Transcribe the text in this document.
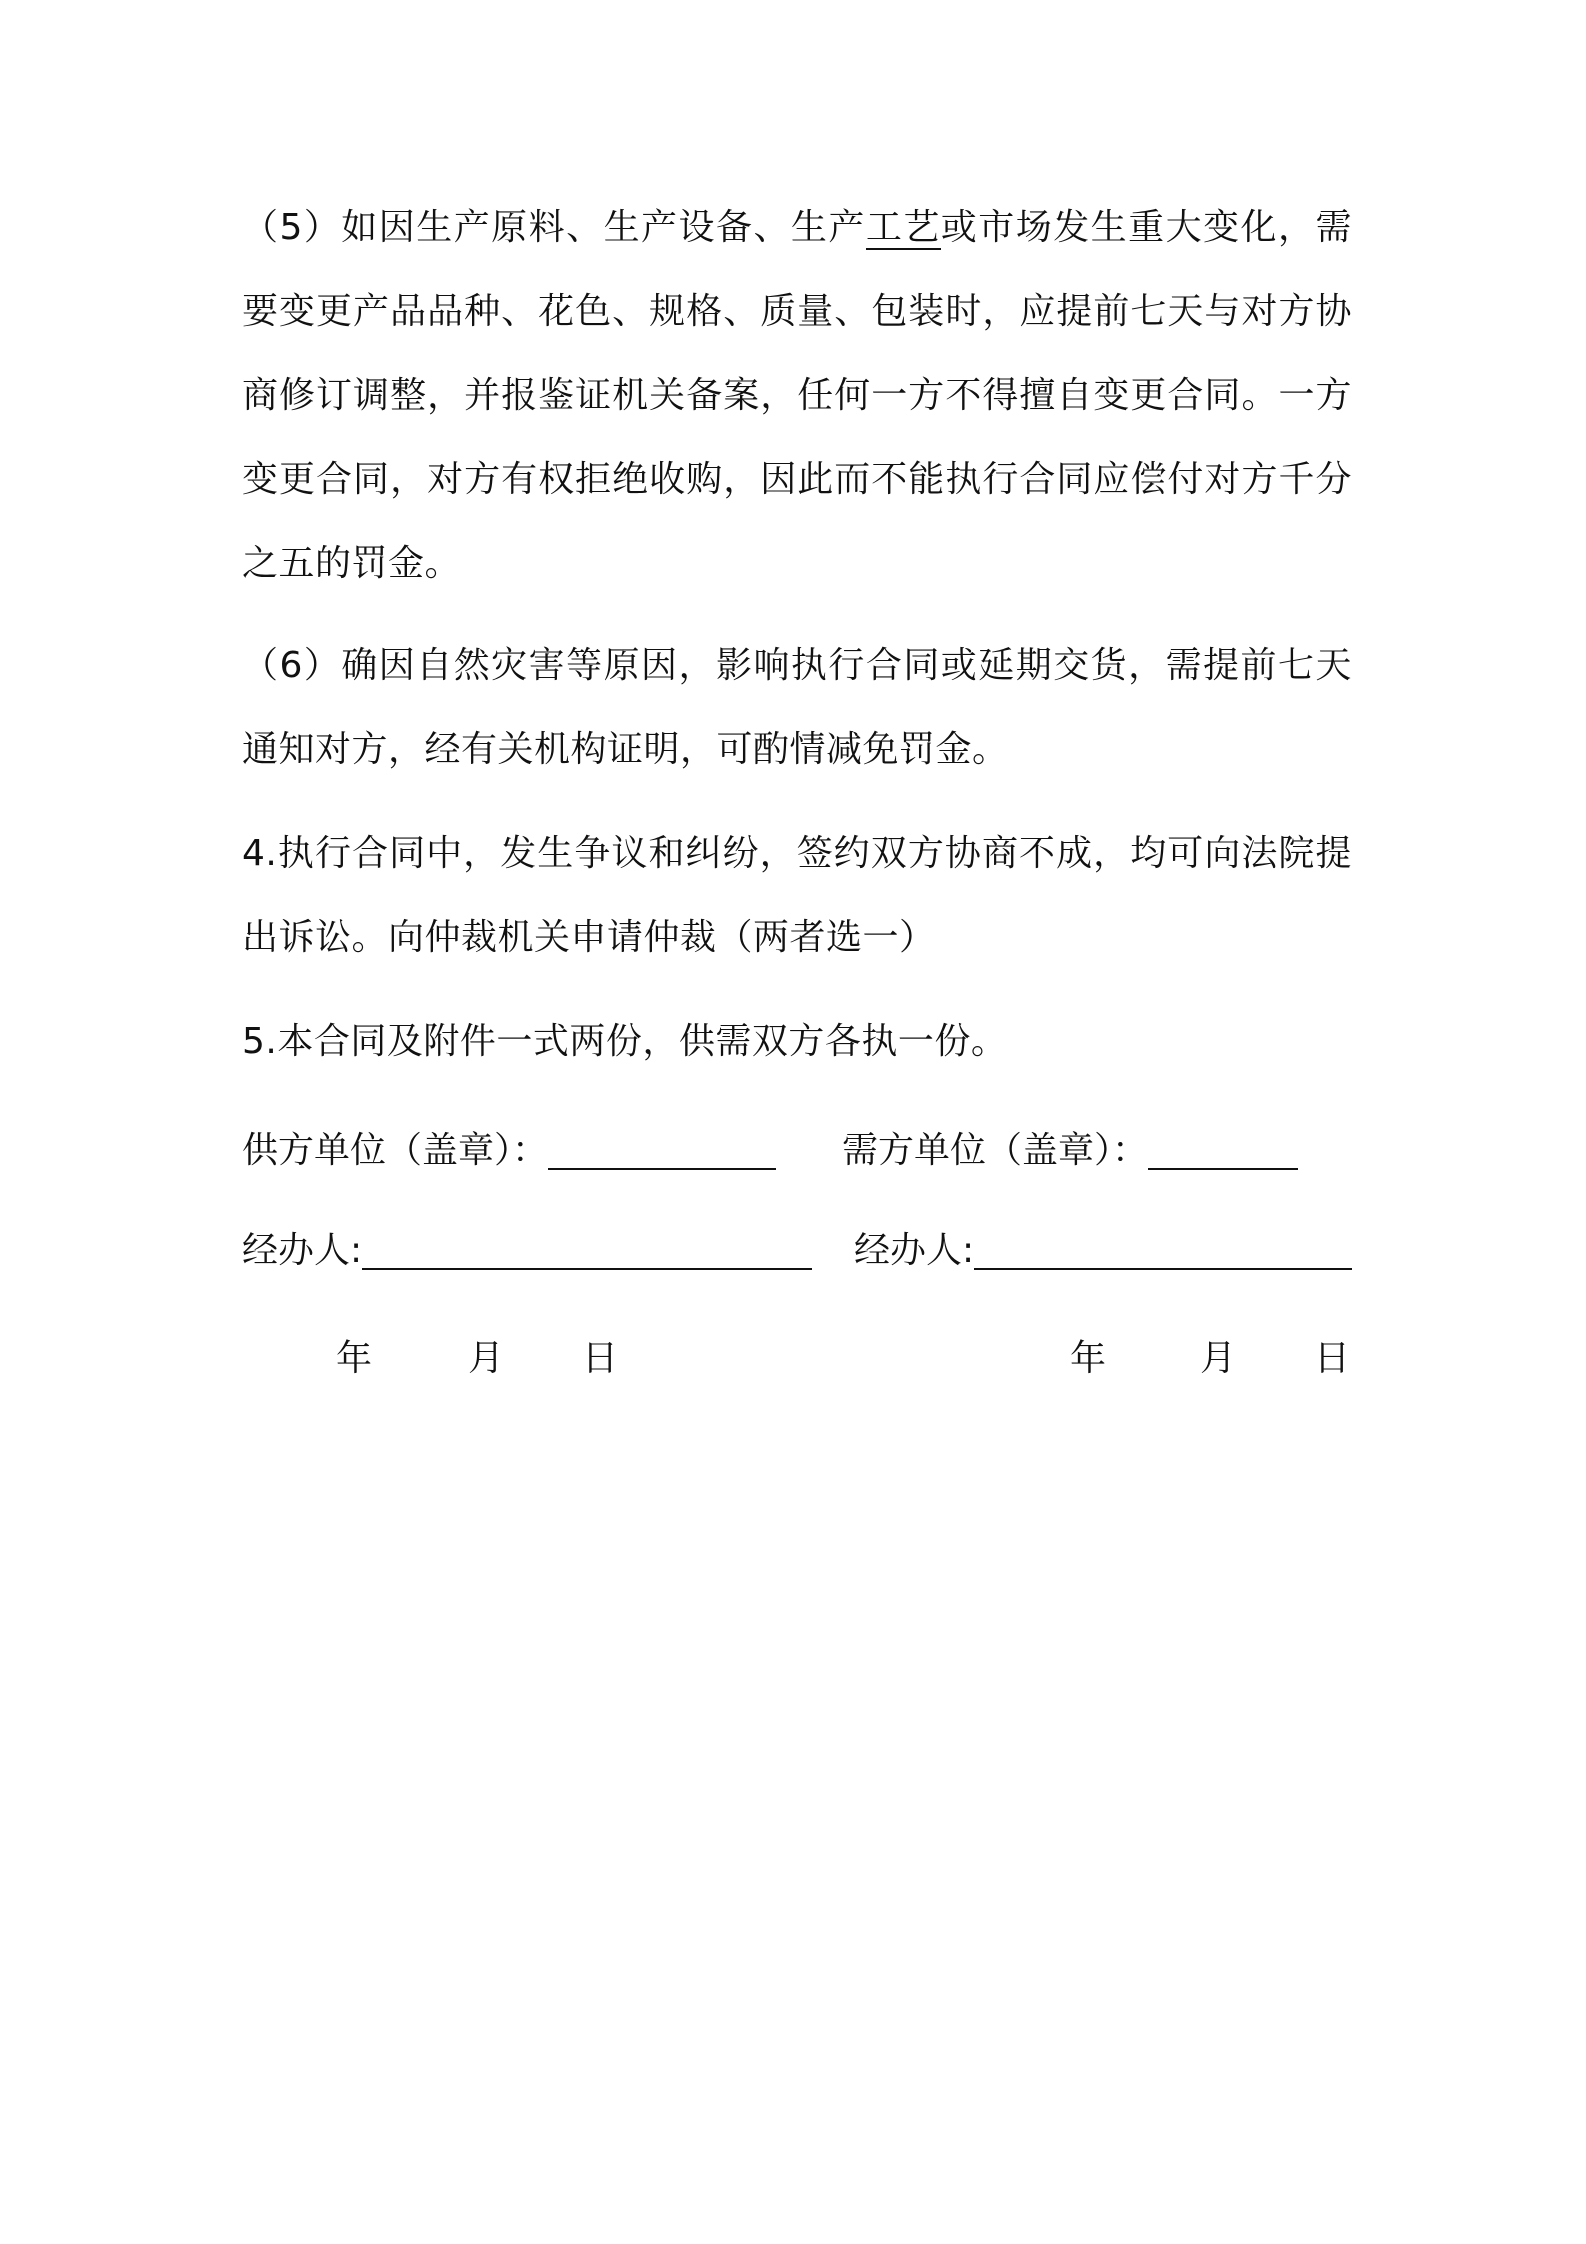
（5）如因生产原料、生产设备、生产工艺或市场发生重大变化，需要变更产品品种、花色、规格、质量、包装时，应提前七天与对方协商修订调整，并报鉴证机关备案，任何一方不得擅自变更合同。一方变更合同，对方有权拒绝收购，因此而不能执行合同应偿付对方千分之五的罚金。

（6）确因自然灾害等原因，影响执行合同或延期交货，需提前七天通知对方，经有关机构证明，可酌情减免罚金。

4.执行合同中，发生争议和纠纷，签约双方协商不成，均可向法院提出诉讼。向仲裁机关申请仲裁（两者选一）

5.本合同及附件一式两份，供需双方各执一份。

供方单位（盖章）：	需方单位（盖章）：
经办人:	经办人:
年	月 日	年	月 日
